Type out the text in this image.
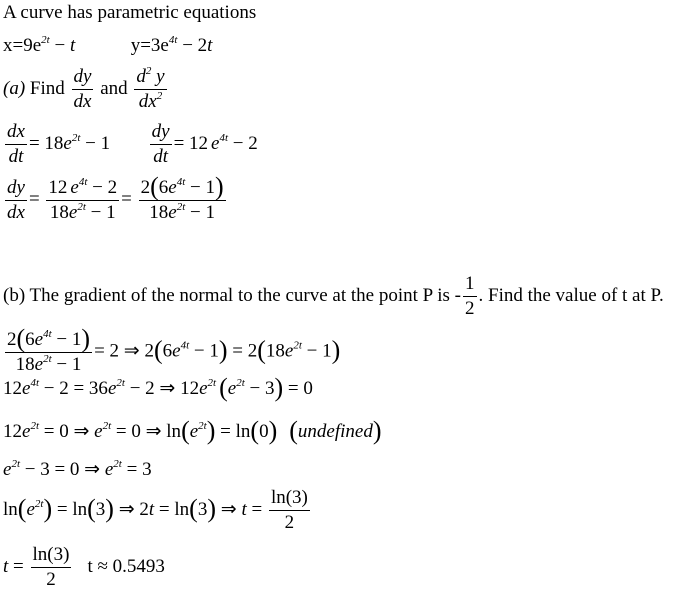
A curve has parametric equations
$x=9e^{2t} - t$	$y=3e^{4t} - 2t$
(a) Find $\frac{dy}{dx}$ and $\frac{d^2 y}{dx^2}$
$\frac{dx}{dt} = 18e^{2t} - 1 \frac{dy}{dt} = 12$ $e^{4t} - 2$
$\frac{dy}{dx} = \frac{12 e^{4t} - 2}{18e^{2t} - 1} = \frac{2(6e^{4t} - 1)}{18e^{2t} - 1}$
(b) The gradient of the normal to the curve at the point P is - $\frac{1}{2}$ . Find the value of t at P.
$\frac{2(6e^{4t} - 1)}{18e^{2t} - 1} = 2$ ⇒ $2(6e^{4t} - 1) = 2(18e^{2t} - 1)$
$12e^{4t} - 2 = 36e^{2t} - 2$ ⇒ $12e^{2t}$ $(e^{2t} - 3) = 0$
$12e^{2t} = 0$ ⇒ $e^{2t} = 0$ ⇒ $\ln(e^{2t}) = \ln(0)$ (undefined)
$e^{2t} - 3 = 0$ ⇒ $e^{2t} = 3$
$\ln(e^{2t}) = \ln(3)$ ⇒ 2t = ln(3) ⇒ $t = \frac{\ln(3)}{2}$
$t = \frac{\ln(3)}{2}$ t ≈ 0.5493
